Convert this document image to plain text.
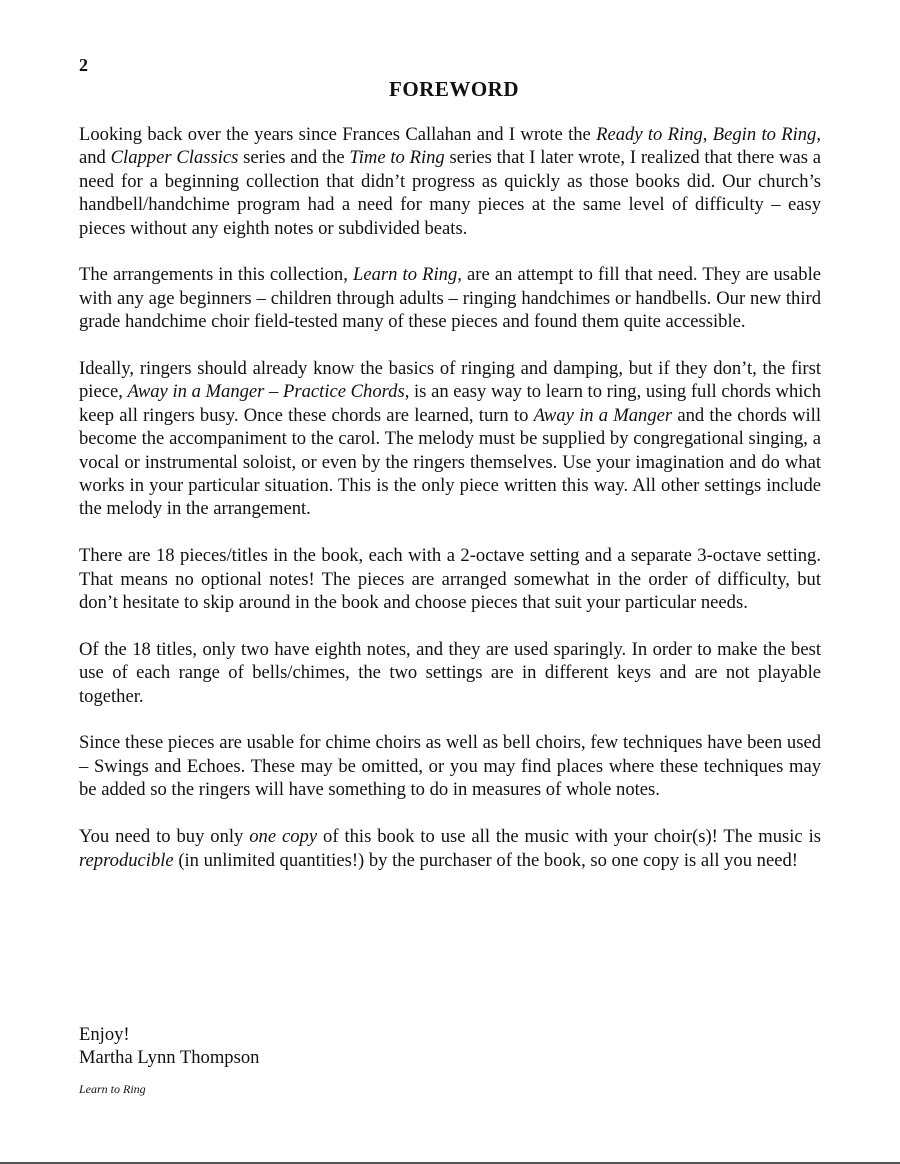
2
FOREWORD

Looking back over the years since Frances Callahan and I wrote the Ready to Ring, Begin to Ring, and Clapper Classics series and the Time to Ring series that I later wrote, I realized that there was a need for a beginning collection that didn’t progress as quickly as those books did. Our church’s handbell/handchime program had a need for many pieces at the same level of difficulty – easy pieces without any eighth notes or subdivided beats.

The arrangements in this collection, Learn to Ring, are an attempt to fill that need. They are usable with any age beginners – children through adults – ringing handchimes or handbells. Our new third grade handchime choir field-tested many of these pieces and found them quite accessible.

Ideally, ringers should already know the basics of ringing and damping, but if they don’t, the first piece, Away in a Manger – Practice Chords, is an easy way to learn to ring, using full chords which keep all ringers busy. Once these chords are learned, turn to Away in a Manger and the chords will become the accompaniment to the carol. The melody must be supplied by congregational singing, a vocal or instrumental soloist, or even by the ringers themselves. Use your imagination and do what works in your particular situation. This is the only piece written this way. All other settings include the melody in the arrangement.

There are 18 pieces/titles in the book, each with a 2-octave setting and a separate 3-octave setting. That means no optional notes! The pieces are arranged somewhat in the order of difficulty, but don’t hesitate to skip around in the book and choose pieces that suit your particular needs.

Of the 18 titles, only two have eighth notes, and they are used sparingly. In order to make the best use of each range of bells/chimes, the two settings are in different keys and are not playable together.

Since these pieces are usable for chime choirs as well as bell choirs, few techniques have been used – Swings and Echoes. These may be omitted, or you may find places where these techniques may be added so the ringers will have something to do in measures of whole notes.

You need to buy only one copy of this book to use all the music with your choir(s)! The music is reproducible (in unlimited quantities!) by the purchaser of the book, so one copy is all you need!

Enjoy!
Martha Lynn Thompson
Learn to Ring
